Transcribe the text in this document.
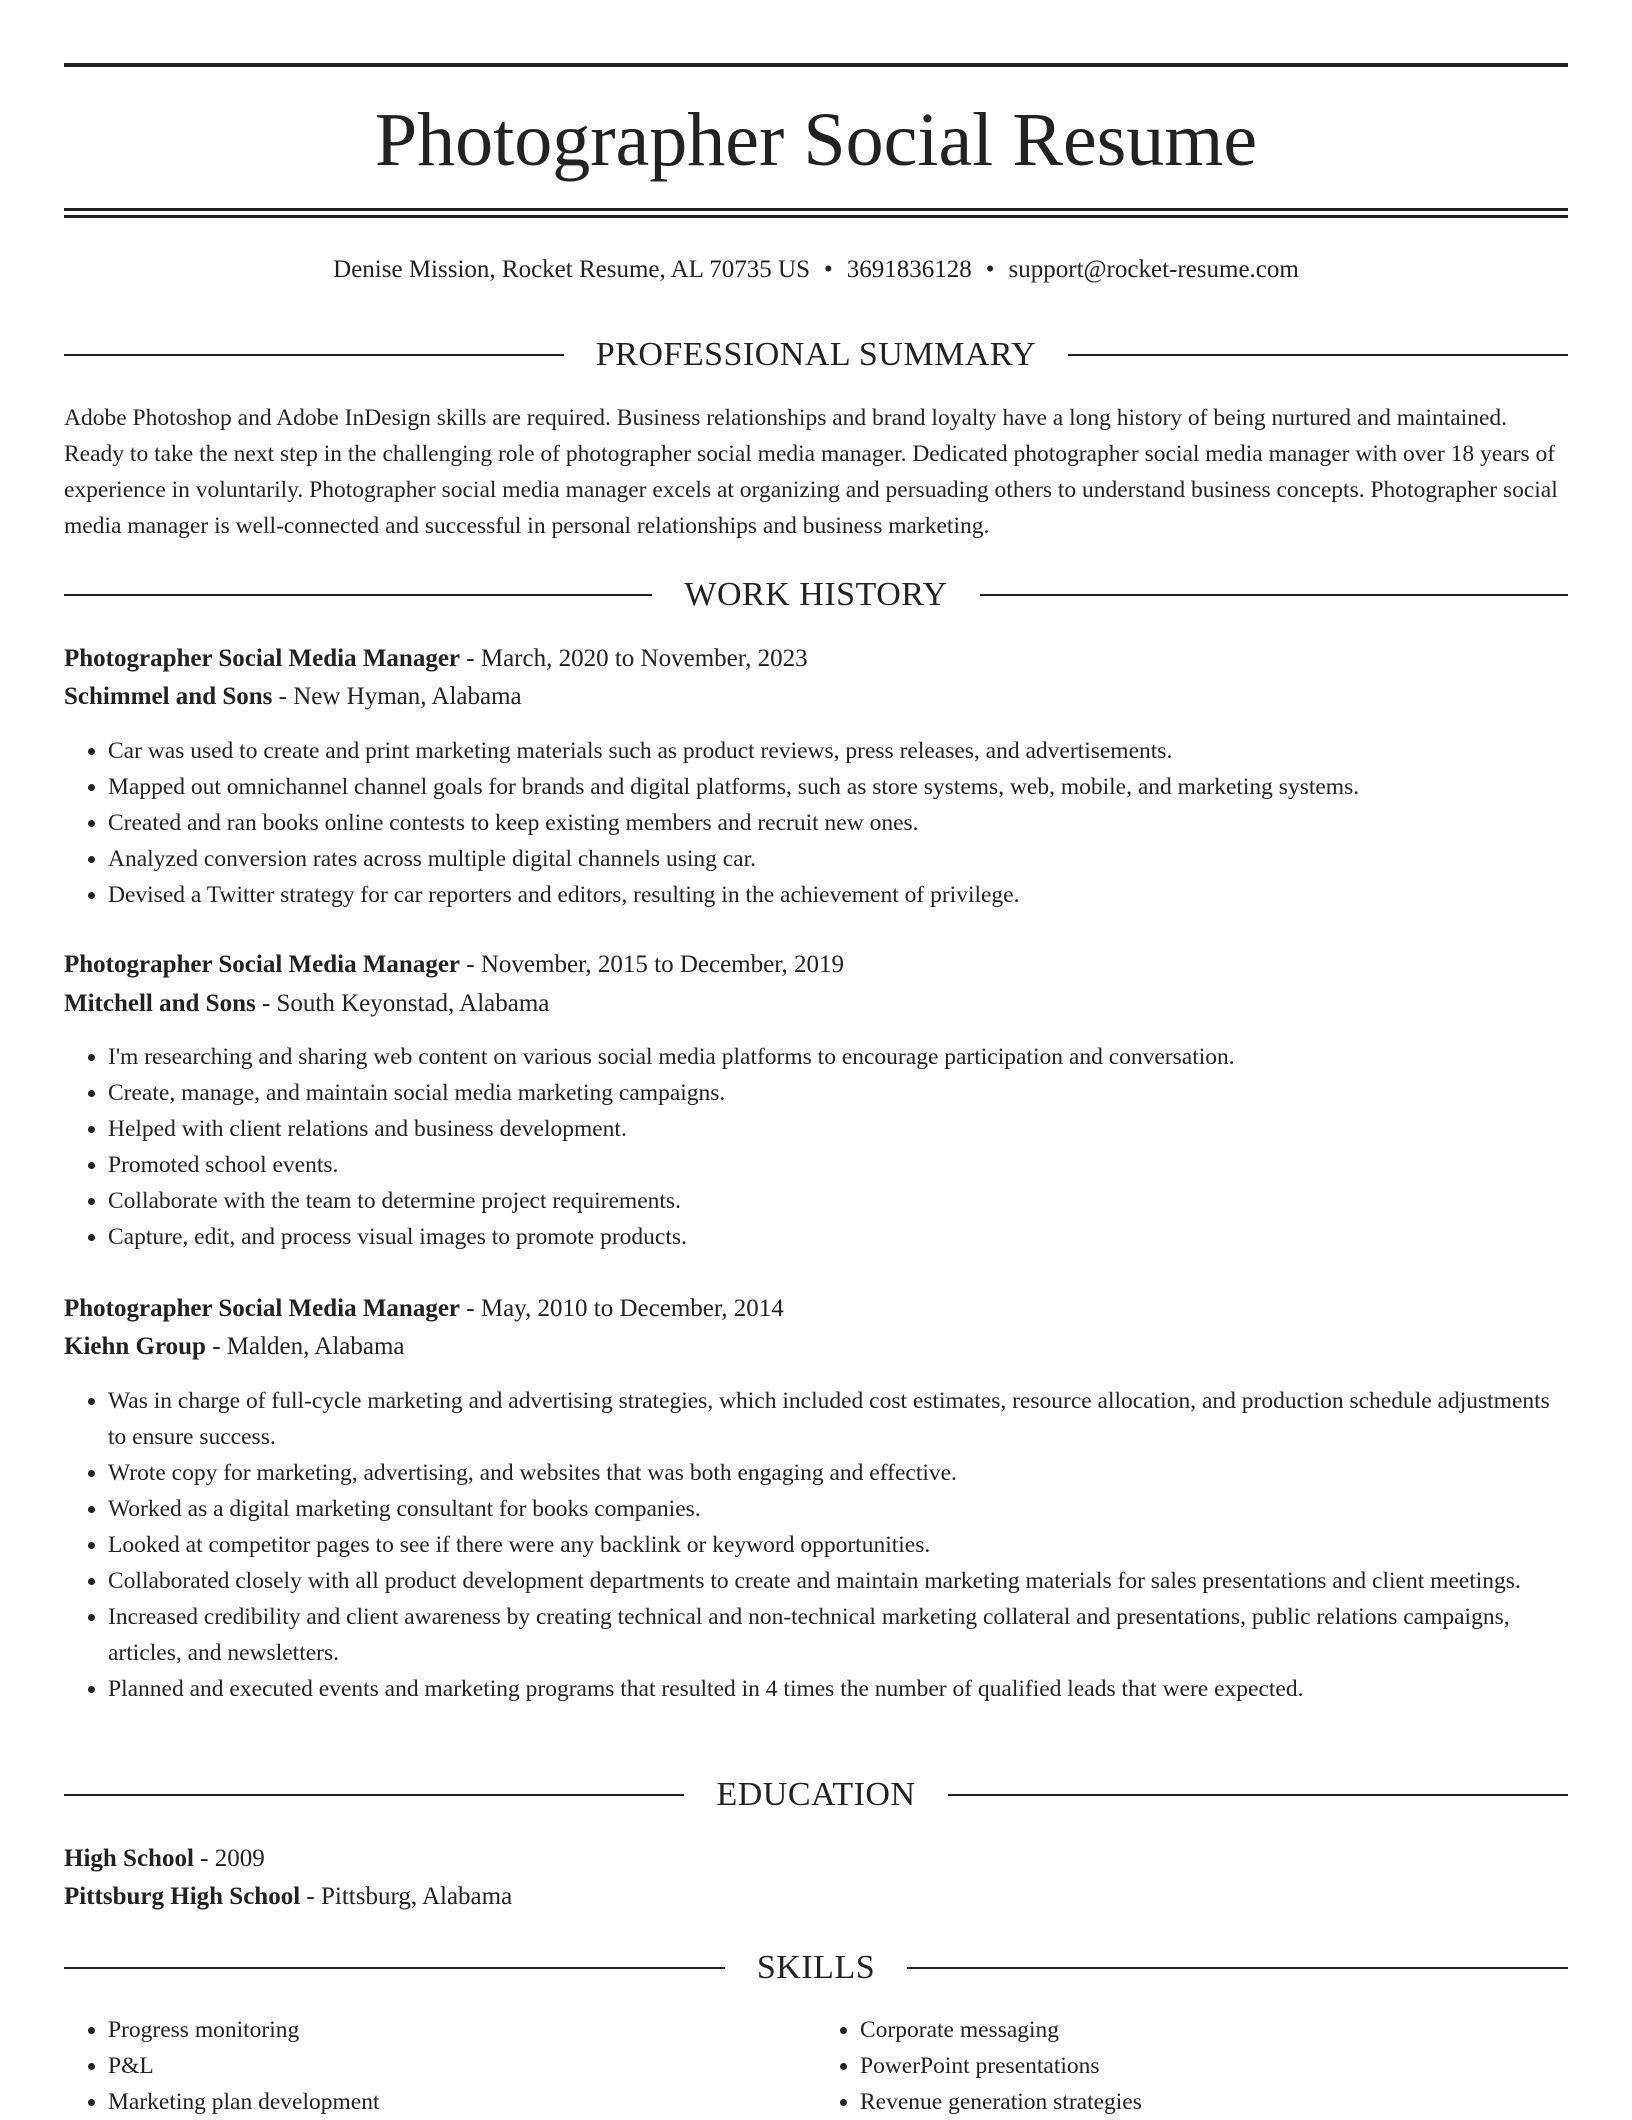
Photographer Social Resume
Denise Mission, Rocket Resume, AL 70735 US • 3691836128 • support@rocket-resume.com
PROFESSIONAL SUMMARY

Adobe Photoshop and Adobe InDesign skills are required. Business relationships and brand loyalty have a long history of being nurtured and maintained. Ready to take the next step in the challenging role of photographer social media manager. Dedicated photographer social media manager with over 18 years of experience in voluntarily. Photographer social media manager excels at organizing and persuading others to understand business concepts. Photographer social media manager is well-connected and successful in personal relationships and business marketing.

WORK HISTORY
Photographer Social Media Manager - March, 2020 to November, 2023
Schimmel and Sons - New Hyman, Alabama
• Car was used to create and print marketing materials such as product reviews, press releases, and advertisements.
• Mapped out omnichannel channel goals for brands and digital platforms, such as store systems, web, mobile, and marketing systems.
• Created and ran books online contests to keep existing members and recruit new ones.
• Analyzed conversion rates across multiple digital channels using car.
• Devised a Twitter strategy for car reporters and editors, resulting in the achievement of privilege.
Photographer Social Media Manager - November, 2015 to December, 2019
Mitchell and Sons - South Keyonstad, Alabama
• I'm researching and sharing web content on various social media platforms to encourage participation and conversation.
• Create, manage, and maintain social media marketing campaigns.
• Helped with client relations and business development.
• Promoted school events.
• Collaborate with the team to determine project requirements.
• Capture, edit, and process visual images to promote products.
Photographer Social Media Manager - May, 2010 to December, 2014
Kiehn Group - Malden, Alabama
• Was in charge of full-cycle marketing and advertising strategies, which included cost estimates, resource allocation, and production schedule adjustments to ensure success.
• Wrote copy for marketing, advertising, and websites that was both engaging and effective.
• Worked as a digital marketing consultant for books companies.
• Looked at competitor pages to see if there were any backlink or keyword opportunities.
• Collaborated closely with all product development departments to create and maintain marketing materials for sales presentations and client meetings.
• Increased credibility and client awareness by creating technical and non-technical marketing collateral and presentations, public relations campaigns, articles, and newsletters.
• Planned and executed events and marketing programs that resulted in 4 times the number of qualified leads that were expected.
EDUCATION
High School - 2009
Pittsburg High School - Pittsburg, Alabama
SKILLS
• Progress monitoring
• P&L
• Marketing plan development
• Corporate messaging
• PowerPoint presentations
• Revenue generation strategies
